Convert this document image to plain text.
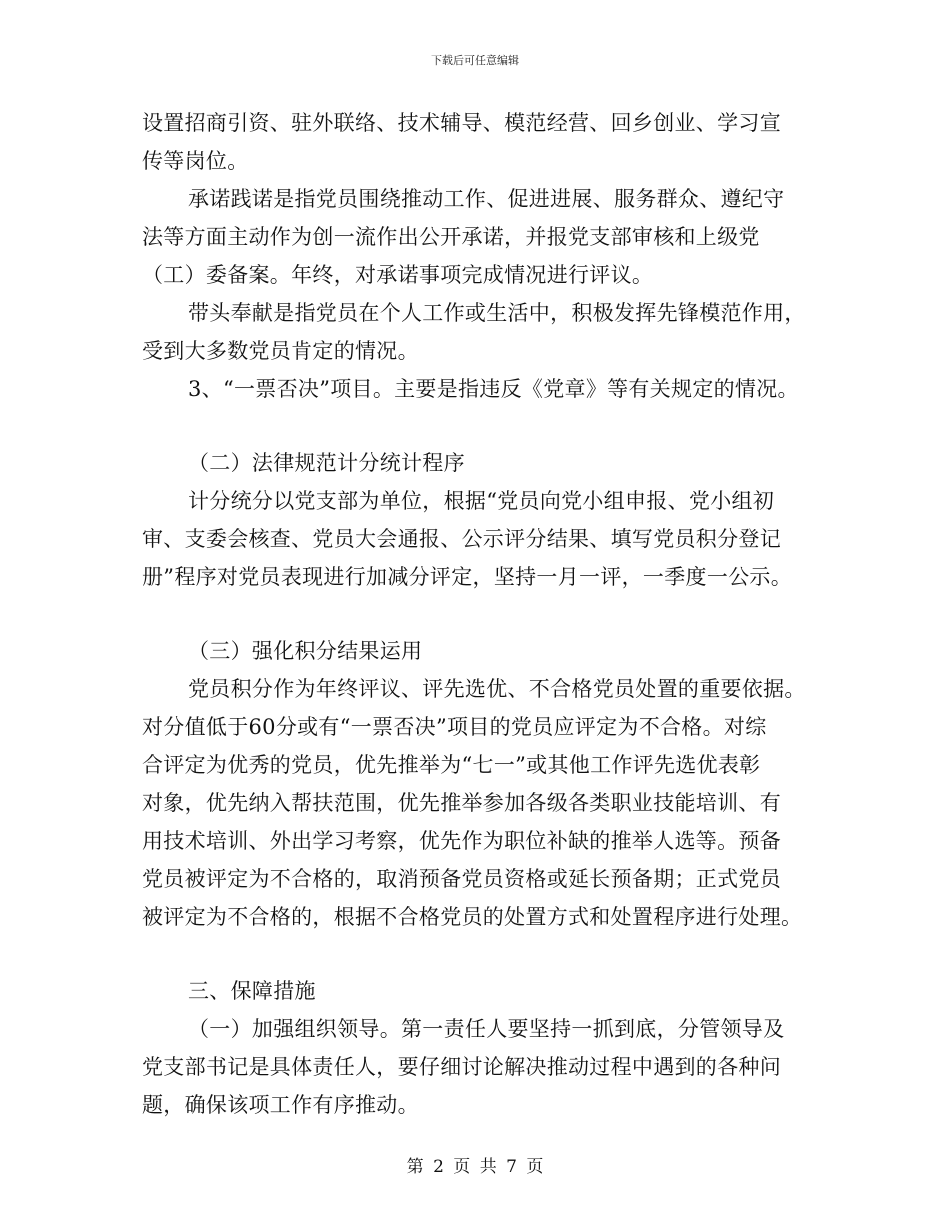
下载后可任意编辑
设置招商引资、驻外联络、技术辅导、模范经营、回乡创业、学习宣
传等岗位。
承诺践诺是指党员围绕推动工作、促进进展、服务群众、遵纪守
法等方面主动作为创一流作出公开承诺，并报党支部审核和上级党
（工）委备案。年终，对承诺事项完成情况进行评议。
带头奉献是指党员在个人工作或生活中，积极发挥先锋模范作用，
受到大多数党员肯定的情况。
3、“一票否决”项目。主要是指违反《党章》等有关规定的情况。
（二）法律规范计分统计程序
计分统分以党支部为单位，根据“党员向党小组申报、党小组初
审、支委会核查、党员大会通报、公示评分结果、填写党员积分登记
册”程序对党员表现进行加减分评定，坚持一月一评，一季度一公示。
（三）强化积分结果运用
党员积分作为年终评议、评先选优、不合格党员处置的重要依据。
对分值低于60分或有“一票否决”项目的党员应评定为不合格。对综
合评定为优秀的党员，优先推举为“七一”或其他工作评先选优表彰
对象，优先纳入帮扶范围，优先推举参加各级各类职业技能培训、有
用技术培训、外出学习考察，优先作为职位补缺的推举人选等。预备
党员被评定为不合格的，取消预备党员资格或延长预备期；正式党员
被评定为不合格的，根据不合格党员的处置方式和处置程序进行处理。
三、保障措施
（一）加强组织领导。第一责任人要坚持一抓到底，分管领导及
党支部书记是具体责任人，要仔细讨论解决推动过程中遇到的各种问
题，确保该项工作有序推动。
第 2 页 共 7 页
